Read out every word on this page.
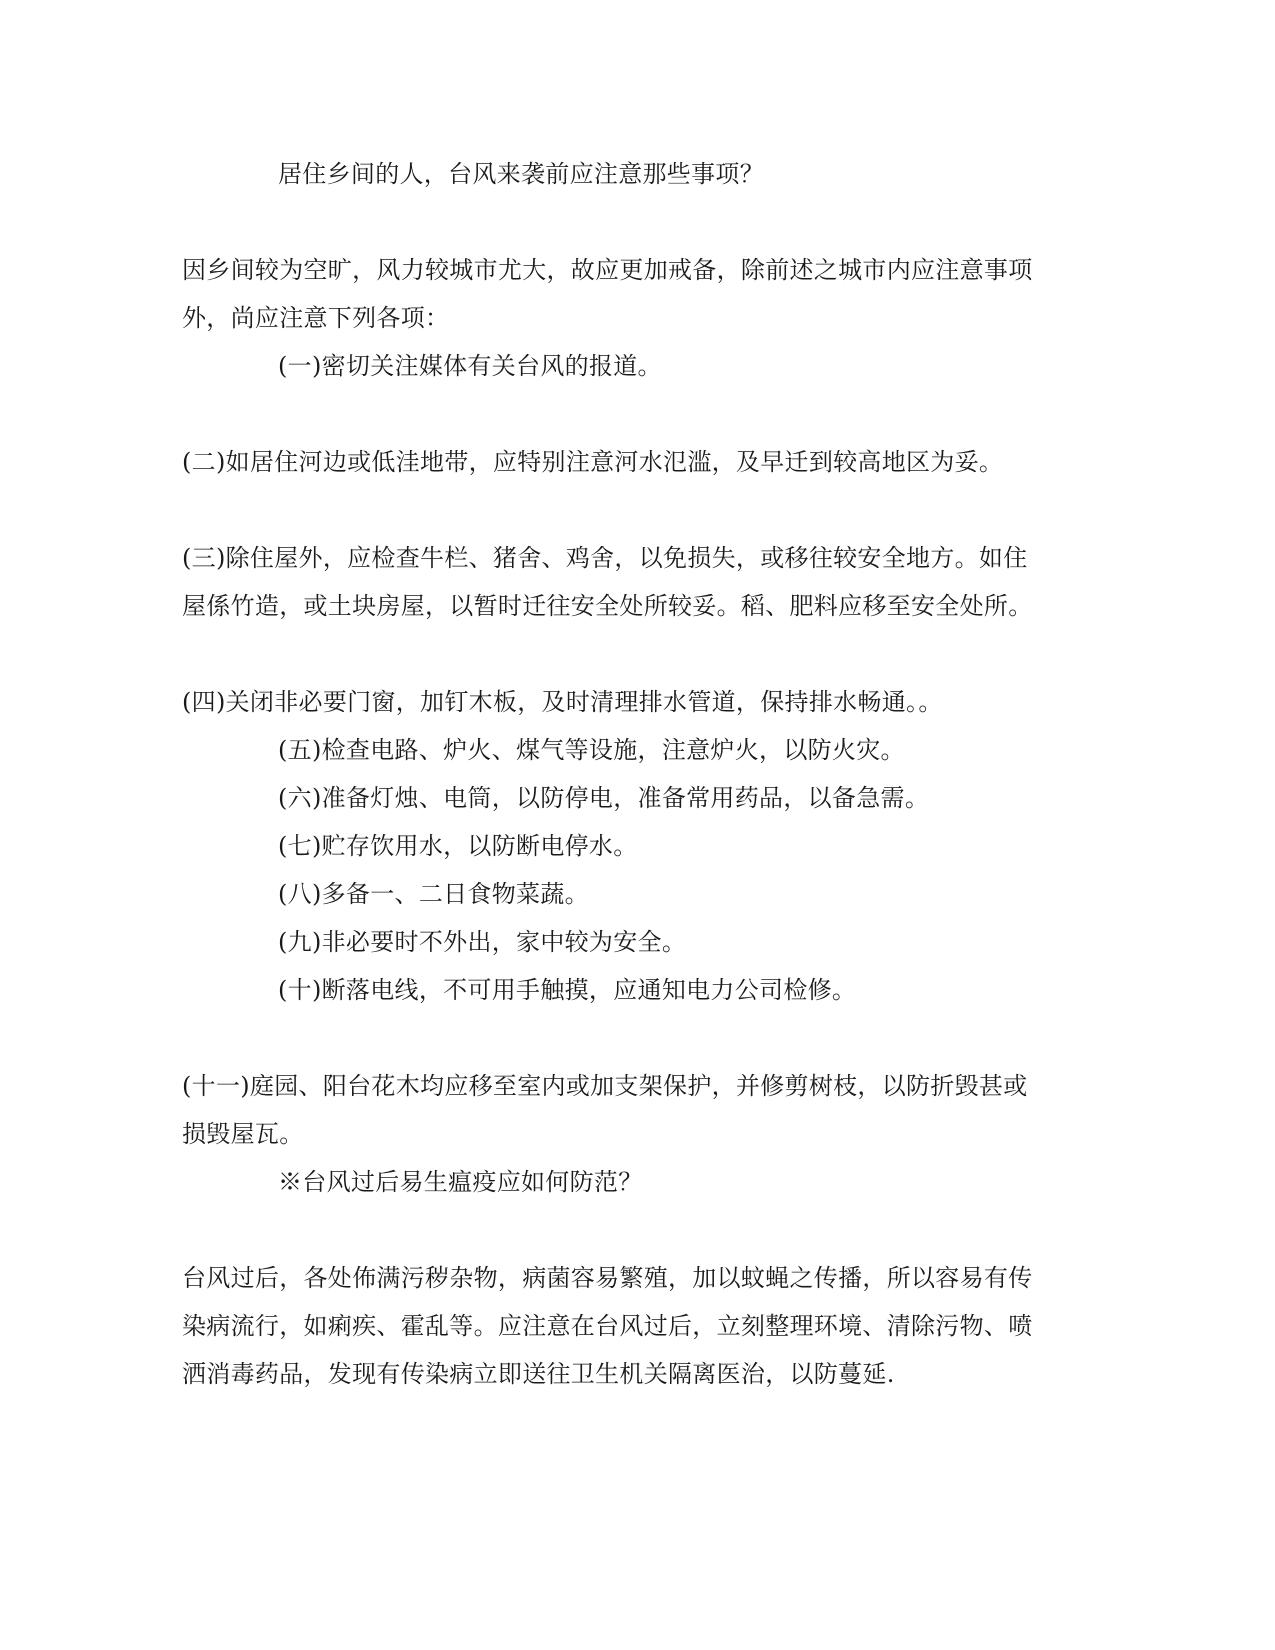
居住乡间的人，台风来袭前应注意那些事项？
因乡间较为空旷，风力较城市尤大，故应更加戒备，除前述之城市内应注意事项
外，尚应注意下列各项：
(一)密切关注媒体有关台风的报道。
(二)如居住河边或低洼地带，应特别注意河水氾滥，及早迁到较高地区为妥。
(三)除住屋外，应检查牛栏、猪舍、鸡舍，以免损失，或移往较安全地方。如住
屋係竹造，或土块房屋，以暂时迁往安全处所较妥。稻、肥料应移至安全处所。
(四)关闭非必要门窗，加钉木板，及时清理排水管道，保持排水畅通。。
(五)检查电路、炉火、煤气等设施，注意炉火，以防火灾。
(六)准备灯烛、电筒，以防停电，准备常用药品，以备急需。
(七)贮存饮用水，以防断电停水。
(八)多备一、二日食物菜蔬。
(九)非必要时不外出，家中较为安全。
(十)断落电线，不可用手触摸，应通知电力公司检修。
(十一)庭园、阳台花木均应移至室内或加支架保护，并修剪树枝，以防折毁甚或
损毁屋瓦。
※台风过后易生瘟疫应如何防范？
台风过后，各处佈满污秽杂物，病菌容易繁殖，加以蚊蝇之传播，所以容易有传
染病流行，如痢疾、霍乱等。应注意在台风过后，立刻整理环境、清除污物、喷
洒消毒药品，发现有传染病立即送往卫生机关隔离医治，以防蔓延.
